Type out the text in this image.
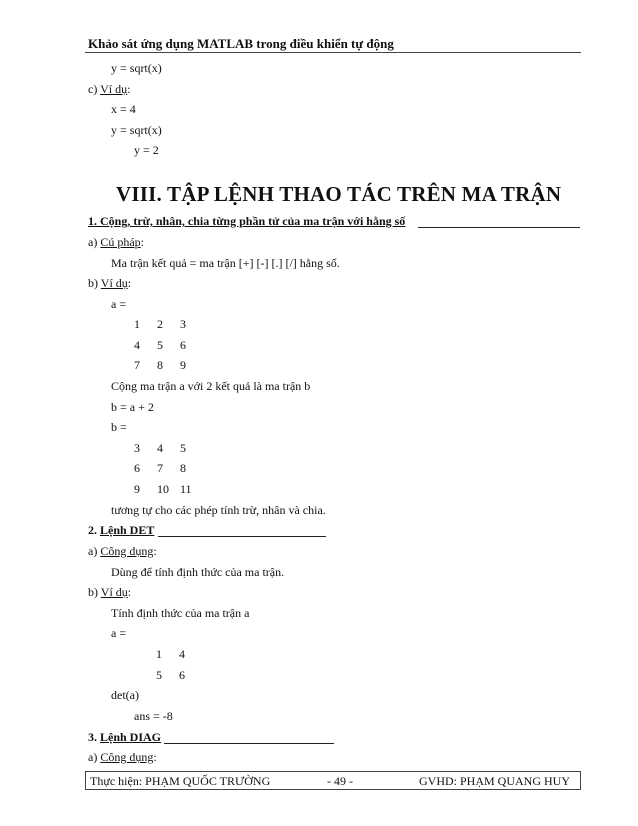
Khảo sát ứng dụng MATLAB trong điều khiển tự động
y = sqrt(x)
c) Ví dụ:
x = 4
y = sqrt(x)
y = 2
VIII. TẬP LỆNH THAO TÁC TRÊN MA TRẬN
1. Cộng, trừ, nhân, chia từng phần tử của ma trận với hằng số
a) Cú pháp:
Ma trận kết quả = ma trận [+] [-] [.] [/] hằng số.
b) Ví dụ:
a =
1 2 3
4 5 6
7 8 9
Cộng ma trận a với 2 kết quả là ma trận b
b = a + 2
b =
3 4 5
6 7 8
9 10 11
tương tự cho các phép tính trừ, nhân và chia.
2. Lệnh DET
a) Công dụng:
Dùng để tính định thức của ma trận.
b) Ví dụ:
Tính định thức của ma trận a
a =
1 4
5 6
det(a)
ans = -8
3. Lệnh DIAG
a) Công dụng:
Thực hiện: PHẠM QUỐC TRƯỜNG	- 49 -	GVHD: PHẠM QUANG HUY
